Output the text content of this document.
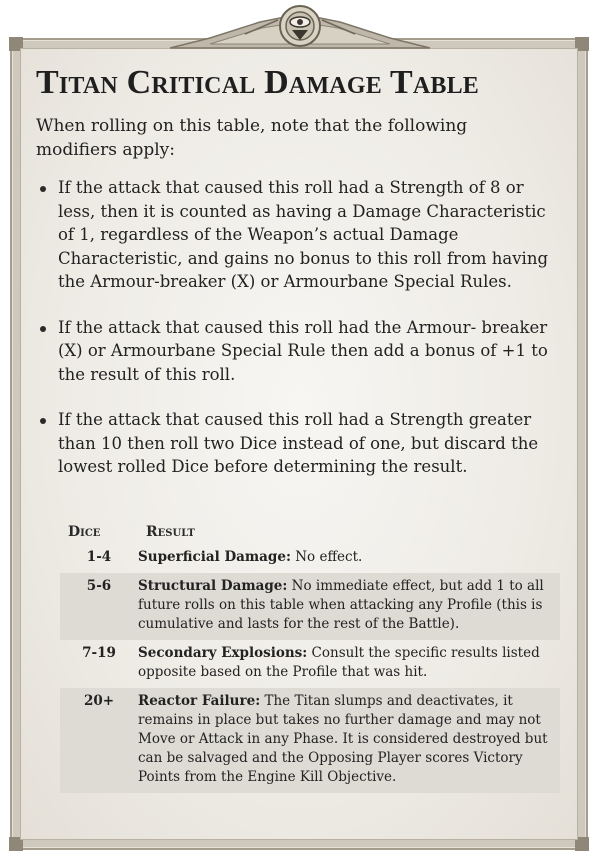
Titan Critical Damage Table

When rolling on this table, note that the following modifiers apply:

If the attack that caused this roll had a Strength of 8 or less, then it is counted as having a Damage Characteristic of 1, regardless of the Weapon’s actual Damage Characteristic, and gains no bonus to this roll from having the Armour-breaker (X) or Armourbane Special Rules.
If the attack that caused this roll had the Armour- breaker (X) or Armourbane Special Rule then add a bonus of +1 to the result of this roll.
If the attack that caused this roll had a Strength greater than 10 then roll two Dice instead of one, but discard the lowest rolled Dice before determining the result.
Dice	Result
1-4	Superficial Damage: No effect.
5-6	Structural Damage: No immediate effect, but add 1 to all future rolls on this table when attacking any Profile (this is cumulative and lasts for the rest of the Battle).
7-19	Secondary Explosions: Consult the specific results listed opposite based on the Profile that was hit.
20+	Reactor Failure: The Titan slumps and deactivates, it remains in place but takes no further damage and may not Move or Attack in any Phase. It is considered destroyed but can be salvaged and the Opposing Player scores Victory Points from the Engine Kill Objective.
